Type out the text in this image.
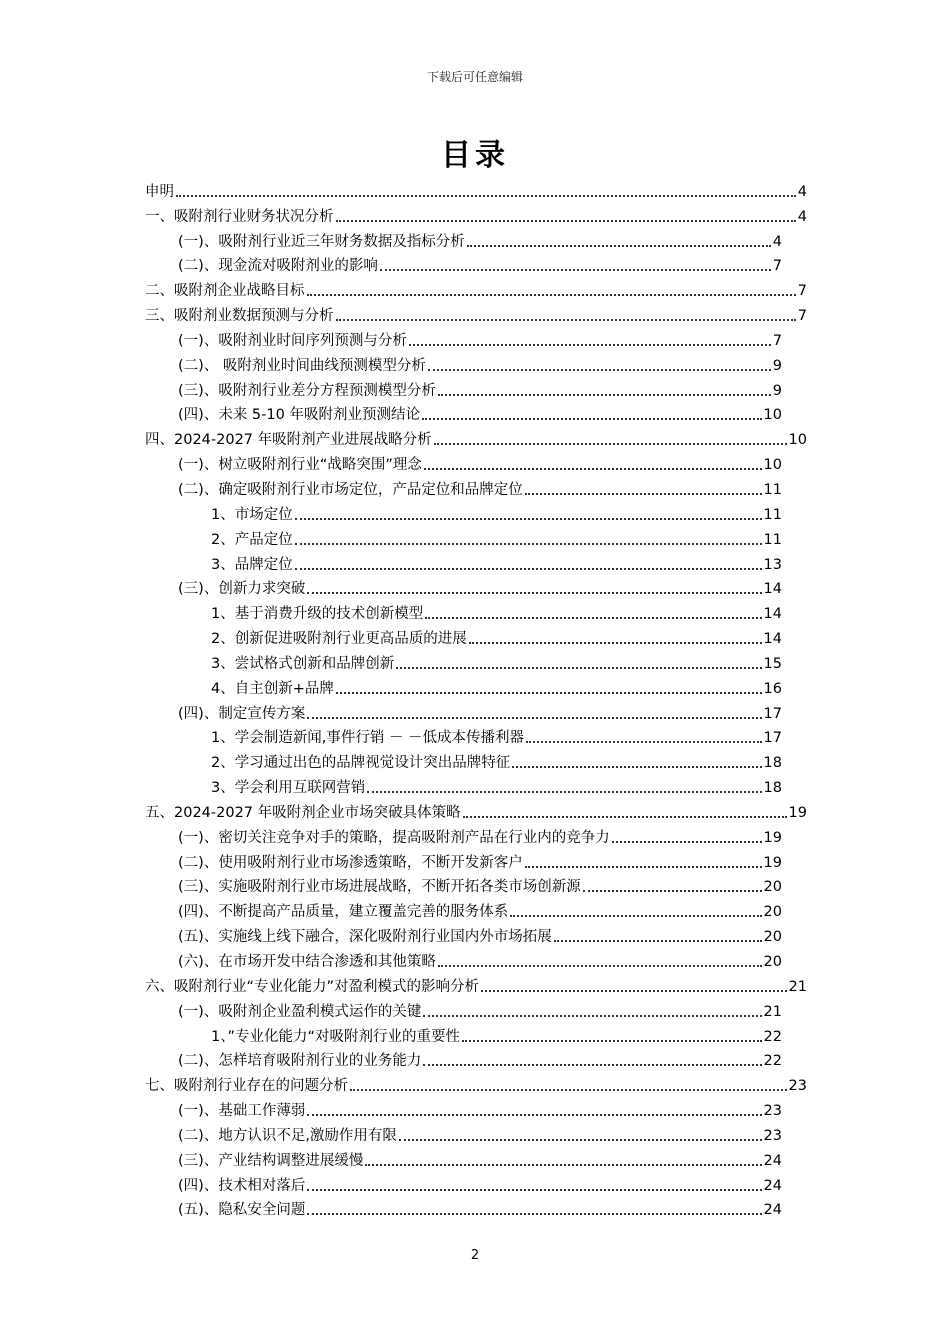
下载后可任意编辑
目录
申明	4
一、吸附剂行业财务状况分析	4
(一)、吸附剂行业近三年财务数据及指标分析	4
(二)、现金流对吸附剂业的影响	7
二、吸附剂企业战略目标	7
三、吸附剂业数据预测与分析	7
(一)、吸附剂业时间序列预测与分析	7
(二)、 吸附剂业时间曲线预测模型分析	9
(三)、吸附剂行业差分方程预测模型分析	9
(四)、未来 5-10 年吸附剂业预测结论	10
四、2024-2027 年吸附剂产业进展战略分析	10
(一)、树立吸附剂行业“战略突围”理念	10
(二)、确定吸附剂行业市场定位，产品定位和品牌定位	11
1、市场定位	11
2、产品定位	11
3、品牌定位	13
(三)、创新力求突破	14
1、基于消费升级的技术创新模型	14
2、创新促进吸附剂行业更高品质的进展	14
3、尝试格式创新和品牌创新	15
4、自主创新+品牌	16
(四)、制定宣传方案	17
1、学会制造新闻,事件行销 － －低成本传播利器	17
2、学习通过出色的品牌视觉设计突出品牌特征	18
3、学会利用互联网营销	18
五、2024-2027 年吸附剂企业市场突破具体策略	19
(一)、密切关注竞争对手的策略，提高吸附剂产品在行业内的竞争力	19
(二)、使用吸附剂行业市场渗透策略，不断开发新客户	19
(三)、实施吸附剂行业市场进展战略，不断开拓各类市场创新源	20
(四)、不断提高产品质量，建立覆盖完善的服务体系	20
(五)、实施线上线下融合，深化吸附剂行业国内外市场拓展	20
(六)、在市场开发中结合渗透和其他策略	20
六、吸附剂行业“专业化能力”对盈利模式的影响分析	21
(一)、吸附剂企业盈利模式运作的关键	21
1、”专业化能力“对吸附剂行业的重要性	22
(二)、怎样培育吸附剂行业的业务能力	22
七、吸附剂行业存在的问题分析	23
(一)、基础工作薄弱	23
(二)、地方认识不足,激励作用有限	23
(三)、产业结构调整进展缓慢	24
(四)、技术相对落后	24
(五)、隐私安全问题	24
2
